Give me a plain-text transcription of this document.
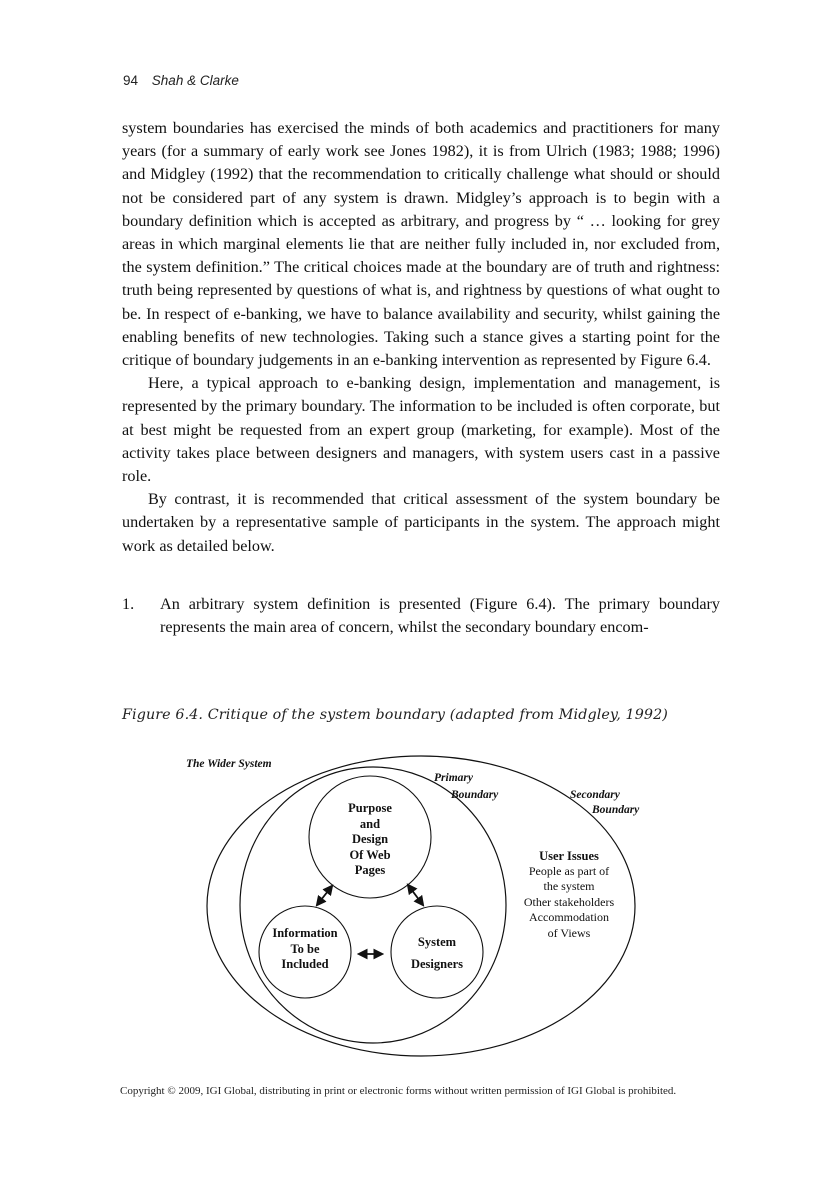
94 Shah & Clarke

system boundaries has exercised the minds of both academics and practitioners for many years (for a summary of early work see Jones 1982), it is from Ulrich (1983; 1988; 1996) and Midgley (1992) that the recommendation to critically challenge what should or should not be considered part of any system is drawn. Midgley’s approach is to begin with a boundary definition which is accepted as arbitrary, and progress by “ … looking for grey areas in which marginal elements lie that are neither fully included in, nor excluded from, the system definition.” The critical choices made at the boundary are of truth and rightness: truth being represented by questions of what is, and rightness by questions of what ought to be. In respect of e-banking, we have to balance availability and security, whilst gaining the enabling benefits of new technologies. Taking such a stance gives a starting point for the critique of boundary judgements in an e-banking intervention as represented by Figure 6.4.

Here, a typical approach to e-banking design, implementation and management, is represented by the primary boundary. The information to be included is often corporate, but at best might be requested from an expert group (marketing, for example). Most of the activity takes place between designers and managers, with system users cast in a passive role.

By contrast, it is recommended that critical assessment of the system boundary be undertaken by a representative sample of participants in the system. The approach might work as detailed below.

1. An arbitrary system definition is presented (Figure 6.4). The primary boundary represents the main area of concern, whilst the secondary boundary encom-
Figure 6.4. Critique of the system boundary (adapted from Midgley, 1992)
The Wider System
Primary
Boundary	Secondary
Boundary
Purpose
and
Design
Of Web
Pages
Information
To be
Included
System
Designers
User Issues
People as part of
the system
Other stakeholders
Accommodation
of Views
Copyright © 2009, IGI Global, distributing in print or electronic forms without written permission of IGI Global is prohibited.
